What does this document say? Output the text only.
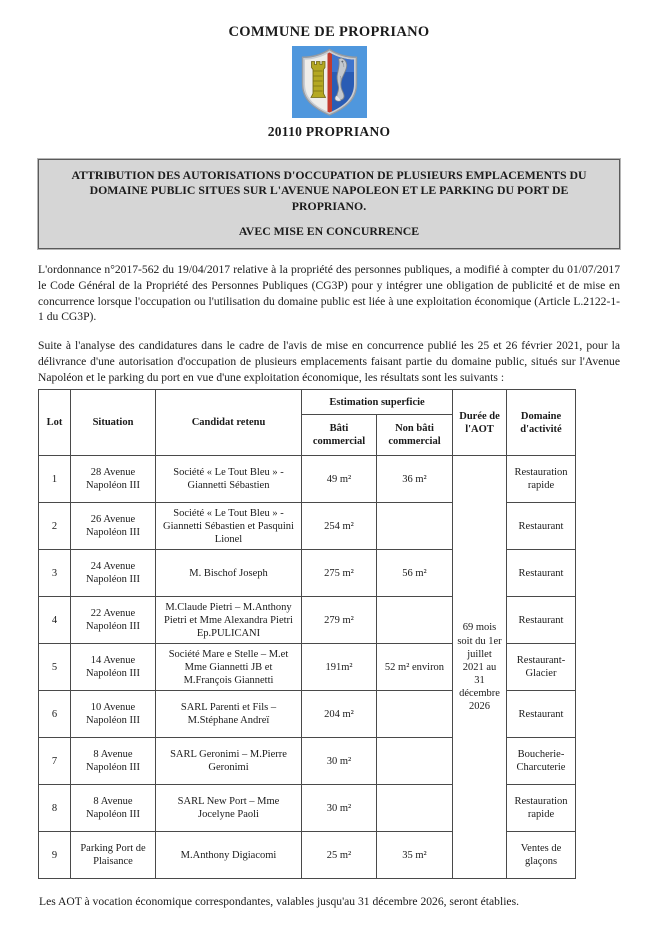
COMMUNE DE PROPRIANO
20110 PROPRIANO

ATTRIBUTION DES AUTORISATIONS D'OCCUPATION DE PLUSIEURS EMPLACEMENTS DU DOMAINE PUBLIC SITUES SUR L'AVENUE NAPOLEON ET LE PARKING DU PORT DE PROPRIANO.

AVEC MISE EN CONCURRENCE

L'ordonnance n°2017-562 du 19/04/2017 relative à la propriété des personnes publiques, a modifié à compter du 01/07/2017 le Code Général de la Propriété des Personnes Publiques (CG3P) pour y intégrer une obligation de publicité et de mise en concurrence lorsque l'occupation ou l'utilisation du domaine public est liée à une exploitation économique (Article L.2122-1-1 du CG3P).

Suite à l'analyse des candidatures dans le cadre de l'avis de mise en concurrence publié les 25 et 26 février 2021, pour la délivrance d'une autorisation d'occupation de plusieurs emplacements faisant partie du domaine public, situés sur l'Avenue Napoléon et le parking du port en vue d'une exploitation économique, les résultats sont les suivants :

Lot	Situation	Candidat retenu	Estimation superficie		Durée de l'AOT	Domaine d'activité
			Bâti commercial	Non bâti commercial		
1	28 Avenue Napoléon III	Société « Le Tout Bleu » - Giannetti Sébastien	49 m²	36 m²	69 mois soit du 1er juillet 2021 au 31 décembre 2026	Restauration rapide
2	26 Avenue Napoléon III	Société « Le Tout Bleu » - Giannetti Sébastien et Pasquini Lionel	254 m²			Restaurant
3	24 Avenue Napoléon III	M. Bischof Joseph	275 m²	56 m²		Restaurant
4	22 Avenue Napoléon III	M.Claude Pietri – M.Anthony Pietri et Mme Alexandra Pietri Ep.PULICANI	279 m²			Restaurant
5	14 Avenue Napoléon III	Société Mare e Stelle – M.et Mme Giannetti JB et M.François Giannetti	191m²	52 m² environ		Restaurant-Glacier
6	10 Avenue Napoléon III	SARL Parenti et Fils – M.Stéphane Andreï	204 m²			Restaurant
7	8 Avenue Napoléon III	SARL Geronimi – M.Pierre Geronimi	30 m²			Boucherie-Charcuterie
8	8 Avenue Napoléon III	SARL New Port – Mme Jocelyne Paoli	30 m²			Restauration rapide
9	Parking Port de Plaisance	M.Anthony Digiacomi	25 m²	35 m²		Ventes de glaçons

Les AOT à vocation économique correspondantes, valables jusqu'au 31 décembre 2026, seront établies.
